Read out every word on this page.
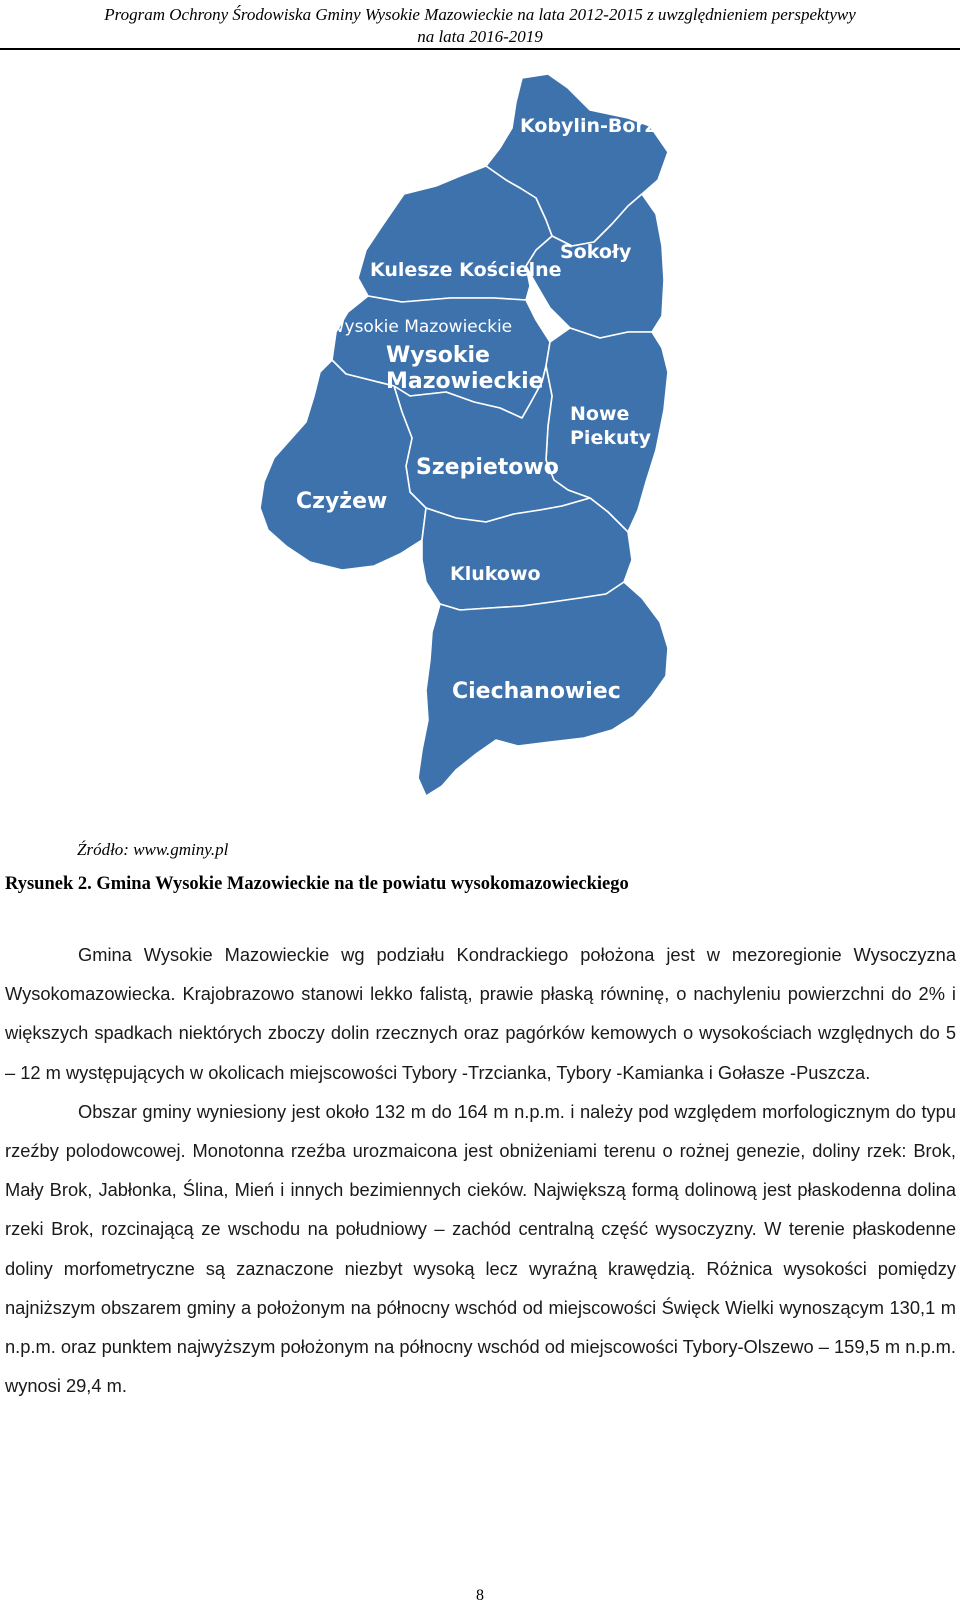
Program Ochrony Środowiska Gminy Wysokie Mazowieckie na lata 2012-2015 z uwzględnieniem perspektywy
na lata 2016-2019
Kobylin-Borzymy
Kulesze Kościelne
Sokoły
Wysokie Mazowieckie
Wysokie
Mazowieckie
Nowe
Piekuty
Szepietowo
Czyżew
Klukowo
Ciechanowiec
Źródło: www.gminy.pl
Rysunek 2. Gmina Wysokie Mazowieckie na tle powiatu wysokomazowieckiego

Gmina Wysokie Mazowieckie wg podziału Kondrackiego położona jest w mezoregionie Wysoczyzna Wysokomazowiecka. Krajobrazowo stanowi lekko falistą, prawie płaską równinę, o nachyleniu powierzchni do 2% i większych spadkach niektórych zboczy dolin rzecznych oraz pagórków kemowych o wysokościach względnych do 5 – 12 m występujących w okolicach miejscowości Tybory -Trzcianka, Tybory -Kamianka i Gołasze -Puszcza.

Obszar gminy wyniesiony jest około 132 m do 164 m n.p.m. i należy pod względem morfologicznym do typu rzeźby polodowcowej. Monotonna rzeźba urozmaicona jest obniżeniami terenu o rożnej genezie, doliny rzek: Brok, Mały Brok, Jabłonka, Ślina, Mień i innych bezimiennych cieków. Największą formą dolinową jest płaskodenna dolina rzeki Brok, rozcinającą ze wschodu na południowy – zachód centralną część wysoczyzny. W terenie płaskodenne doliny morfometryczne są zaznaczone niezbyt wysoką lecz wyraźną krawędzią. Różnica wysokości pomiędzy najniższym obszarem gminy a położonym na północny wschód od miejscowości Święck Wielki wynoszącym 130,1 m n.p.m. oraz punktem najwyższym położonym na północny wschód od miejscowości Tybory-Olszewo – 159,5 m n.p.m. wynosi 29,4 m.

8
